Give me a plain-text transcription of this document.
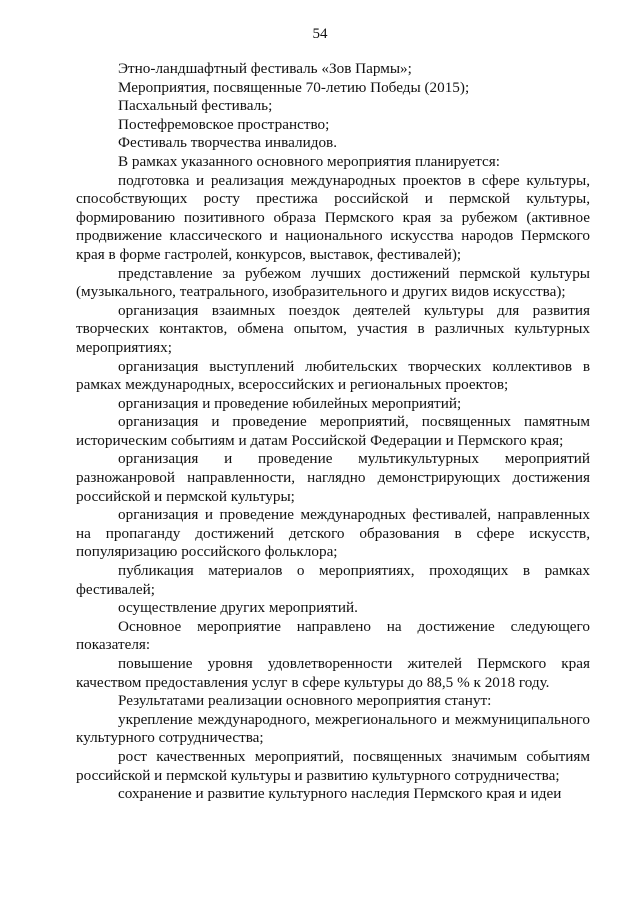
54

Этно-ландшафтный фестиваль «Зов Пармы»;

Мероприятия, посвященные 70-летию Победы (2015);

Пасхальный фестиваль;

Постефремовское пространство;

Фестиваль творчества инвалидов.

В рамках указанного основного мероприятия планируется:

подготовка и реализация международных проектов в сфере культуры, способствующих росту престижа российской и пермской культуры, формированию позитивного образа Пермского края за рубежом (активное продвижение классического и национального искусства народов Пермского края в форме гастролей, конкурсов, выставок, фестивалей);

представление за рубежом лучших достижений пермской культуры (музыкального, театрального, изобразительного и других видов искусства);

организация взаимных поездок деятелей культуры для развития творческих контактов, обмена опытом, участия в различных культурных мероприятиях;

организация выступлений любительских творческих коллективов в рамках международных, всероссийских и региональных проектов;

организация и проведение юбилейных мероприятий;

организация и проведение мероприятий, посвященных памятным историческим событиям и датам Российской Федерации и Пермского края;

организация и проведение мультикультурных мероприятий разножанровой направленности, наглядно демонстрирующих достижения российской и пермской культуры;

организация и проведение международных фестивалей, направленных на пропаганду достижений детского образования в сфере искусств, популяризацию российского фольклора;

публикация материалов о мероприятиях, проходящих в рамках фестивалей;

осуществление других мероприятий.

Основное мероприятие направлено на достижение следующего показателя:

повышение уровня удовлетворенности жителей Пермского края качеством предоставления услуг в сфере культуры до 88,5 % к 2018 году.

Результатами реализации основного мероприятия станут:

укрепление международного, межрегионального и межмуниципального культурного сотрудничества;

рост качественных мероприятий, посвященных значимым событиям российской и пермской культуры и развитию культурного сотрудничества;

сохранение и развитие культурного наследия Пермского края и идеи
